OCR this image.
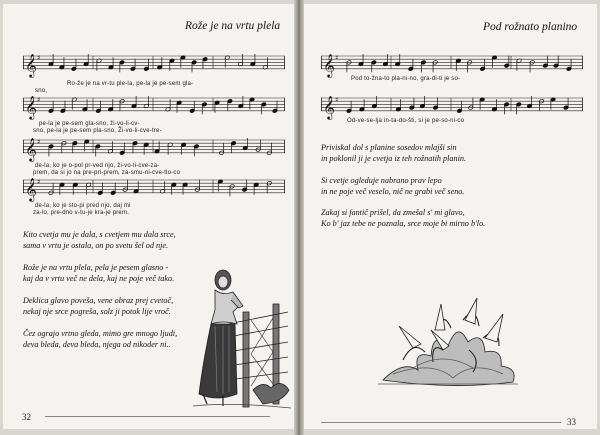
Rože je na vrtu plela
𝄞 ♯
Ro-že je na vr-tu ple-la, pe-la je pe-sem gla-
sno,
𝄞 ♯
pe-la je pe-sem gla-sno, ži-vo-li-cv-
sno, pe-la je pe-sem pla-sno, Ži-vo-li-cve-tre-
𝄞 ♯
de-la, ko je o-pol pr-ved njo, ži-vo-li-cve-za-
prem, da si jo na pre-pri-prem, za-smu-ni-cve-tlo-co
𝄞 ♯
de-la, ko je sto-pi pred njo, daj mi
za-lo, pre-dno v-tu-je kra-je prem.

Kito cvetja mu je dala, s cvetjem mu dala srce,

sama v vrtu je ostala, on po svetu šel od nje.

Rože je na vrtu plela, pela je pesem glasno -

kaj da v vrtu več ne dela, kaj ne poje več tako.

Deklica glavo poveša, vene obraz prej cvetoč,

nekaj nje srce pogreša, solz ji potok lije vroč.

Čez ograjo vrtno gleda, mimo gre mnogo ljudi,

deva bleda, deva bleda, njega od nikoder ni..

32
Pod rožnato planino
𝄞 ♯
Pod to-žna-to pla-ni-no, gra-di-ti je so-
𝄞 ♯
Od-ve-se-lja in-ta-do-šti, si je pe-so-ni-co

Priviskal dol s planine sosedov mlajši sin

in poklonil ji je cvetja iz teh rožnatih planin.

Si cvetje ogleduje nabrano prav lepo

in ne poje več veselo, nič ne grabi več seno.

Zakaj si fantič prišel, da zmešal s' mi glavo,

Ko b' jaz tebe ne poznala, srce moje bi mirno b'lo.

33
